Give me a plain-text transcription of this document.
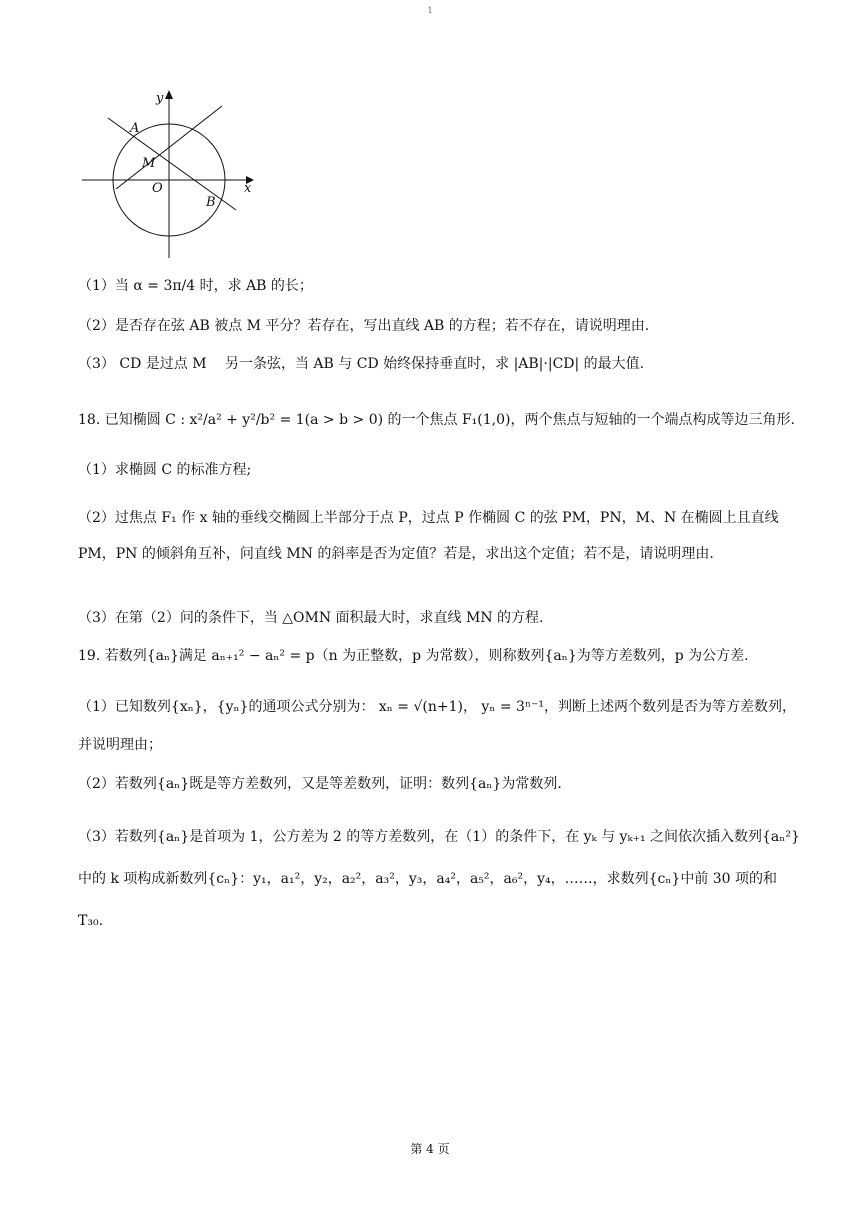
1
y
x
A
M
O
B
（1）当 α = 3π/4 时，求 AB 的长；
（2）是否存在弦 AB 被点 M 平分？若存在，写出直线 AB 的方程；若不存在，请说明理由.
（3） CD 是过点 M　 另一条弦，当 AB 与 CD 始终保持垂直时，求 |AB|·|CD| 的最大值.
18. 已知椭圆 C : x²/a² + y²/b² = 1(a > b > 0) 的一个焦点 F₁(1,0)，两个焦点与短轴的一个端点构成等边三角形.
（1）求椭圆 C 的标准方程;
（2）过焦点 F₁ 作 x 轴的垂线交椭圆上半部分于点 P，过点 P 作椭圆 C 的弦 PM，PN，M、N 在椭圆上且直线 PM，PN 的倾斜角互补，问直线 MN 的斜率是否为定值？若是，求出这个定值；若不是，请说明理由.
（3）在第（2）问的条件下，当 △OMN 面积最大时，求直线 MN 的方程.
19. 若数列{aₙ}满足 aₙ₊₁² − aₙ² = p（n 为正整数，p 为常数），则称数列{aₙ}为等方差数列，p 为公方差.
（1）已知数列{xₙ}，{yₙ}的通项公式分别为： xₙ = √(n+1)， yₙ = 3ⁿ⁻¹，判断上述两个数列是否为等方差数列，并说明理由；
（2）若数列{aₙ}既是等方差数列，又是等差数列，证明：数列{aₙ}为常数列.
（3）若数列{aₙ}是首项为 1，公方差为 2 的等方差数列，在（1）的条件下，在 yₖ 与 yₖ₊₁ 之间依次插入数列{aₙ²}中的 k 项构成新数列{cₙ}：y₁，a₁²，y₂，a₂²，a₃²，y₃，a₄²，a₅²，a₆²，y₄，……，求数列{cₙ}中前 30 项的和 T₃₀.
第 4 页
